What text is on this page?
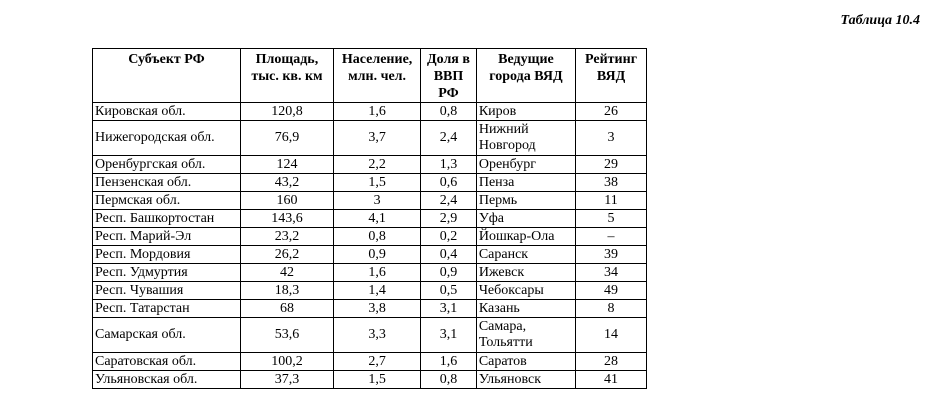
Таблица 10.4
Субъект РФ	Площадь, тыс. кв. км	Население, млн. чел.	Доля в ВВП РФ	Ведущие города ВЯД	Рейтинг ВЯД
Кировская обл.	120,8	1,6	0,8	Киров	26
Нижегородская обл.	76,9	3,7	2,4	Нижний Новгород	3
Оренбургская обл.	124	2,2	1,3	Оренбург	29
Пензенская обл.	43,2	1,5	0,6	Пенза	38
Пермская обл.	160	3	2,4	Пермь	11
Респ. Башкортостан	143,6	4,1	2,9	Уфа	5
Респ. Марий-Эл	23,2	0,8	0,2	Йошкар-Ола	–
Респ. Мордовия	26,2	0,9	0,4	Саранск	39
Респ. Удмуртия	42	1,6	0,9	Ижевск	34
Респ. Чувашия	18,3	1,4	0,5	Чебоксары	49
Респ. Татарстан	68	3,8	3,1	Казань	8
Самарская обл.	53,6	3,3	3,1	Самара, Тольятти	14
Саратовская обл.	100,2	2,7	1,6	Саратов	28
Ульяновская обл.	37,3	1,5	0,8	Ульяновск	41
